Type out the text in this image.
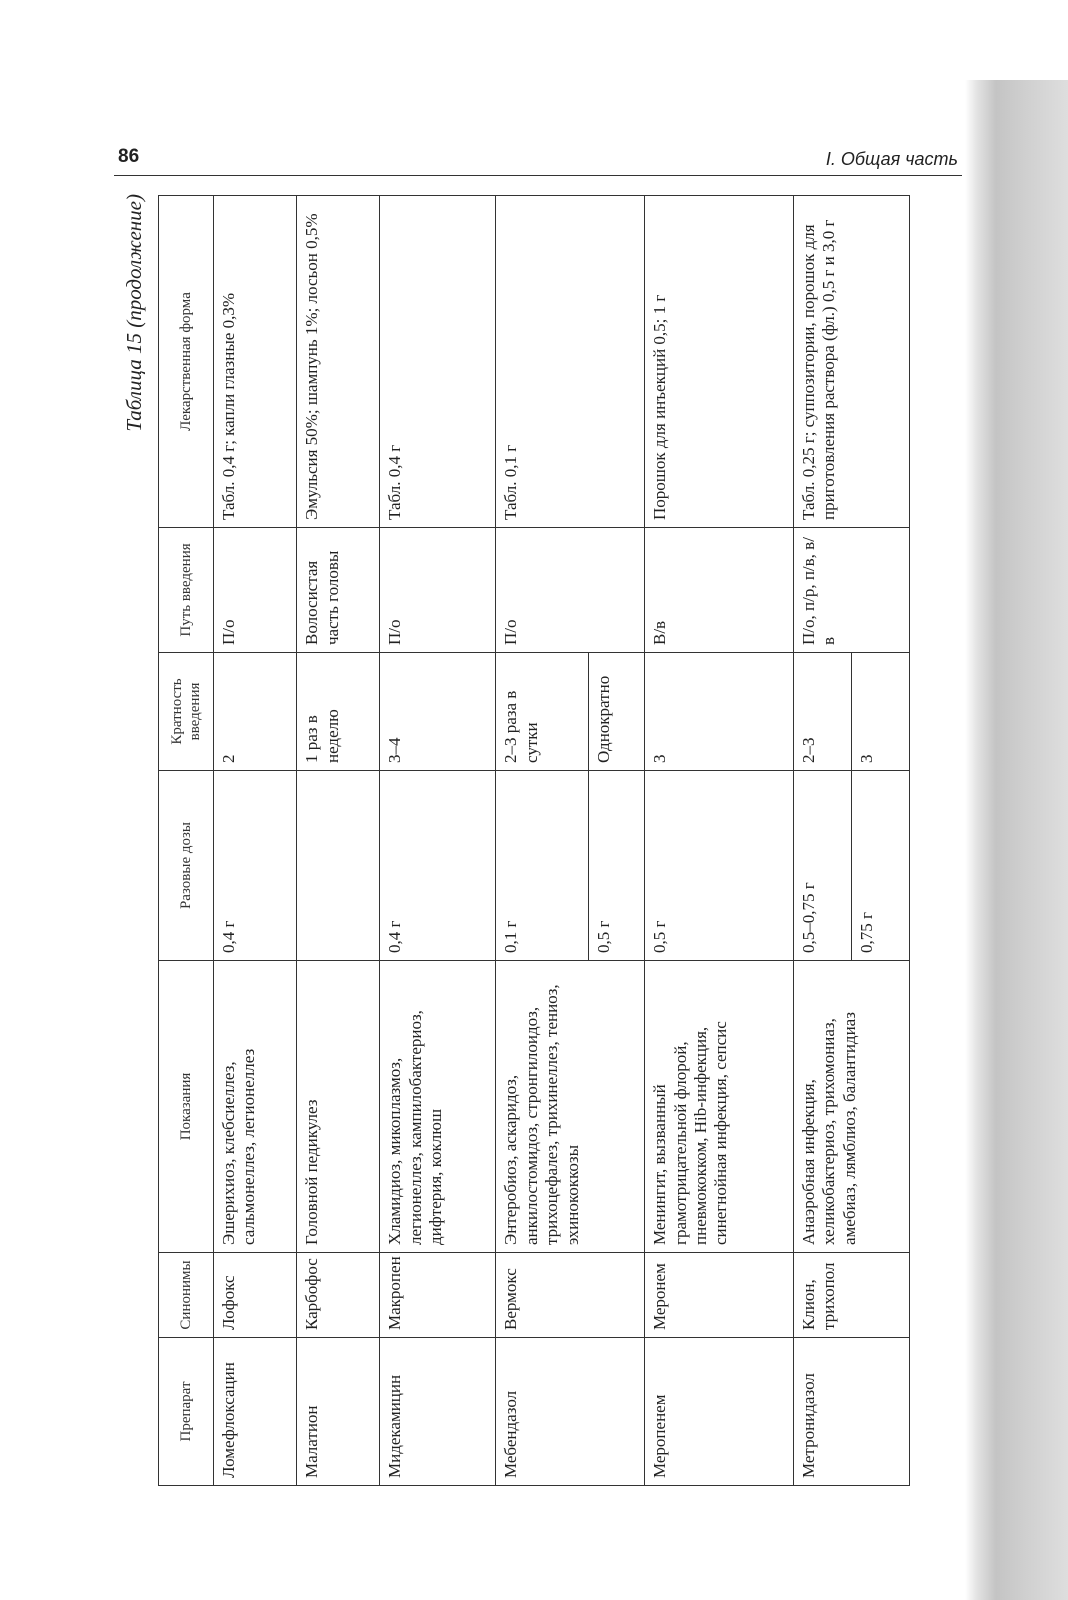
86	I. Общая часть
Таблица 15 (продолжение)
Препарат	Синонимы	Показания	Разовые дозы	Кратность введения	Путь введения	Лекарственная форма
Ломефлоксацин	Лофокс	Эшерихиоз, клебсиеллез, сальмонеллез, легионеллез	0,4 г	2	П/о	Табл. 0,4 г; капли глазные 0,3%
Малатион	Карбофос	Головной педикулез		1 раз в неделю	Волосистая часть головы	Эмульсия 50%; шампунь 1%; лосьон 0,5%
Мидекамицин	Макропен	Хламидиоз, микоплазмоз, легионеллез, кампилобактериоз, дифтерия, коклюш	0,4 г	3–4	П/о	Табл. 0,4 г
Мебендазол	Вермокс	Энтеробиоз, аскаридоз, анкилостомидоз, стронгилоидоз, трихоцефалез, трихинеллез, тениоз, эхинококкозы	0,1 г	2–3 раза в сутки	П/о	Табл. 0,1 г
			0,5 г	Однократно		
Меропенем	Меронем	Менингит, вызванный грамотрицательной флорой, пневмококком, Hib-инфекция, синегнойная инфекция, сепсис	0,5 г	3	В/в	Порошок для инъекций 0,5; 1 г
Метронидазол	Клион, трихопол	Анаэробная инфекция, хеликобактериоз, трихомониаз, амебиаз, лямблиоз, балантидиаз	0,5–0,75 г	2–3	П/о, п/р, п/в, в/в	Табл. 0,25 г; суппозитории, порошок для приготовления раствора (фл.) 0,5 г и 3,0 г
			0,75 г	3		
